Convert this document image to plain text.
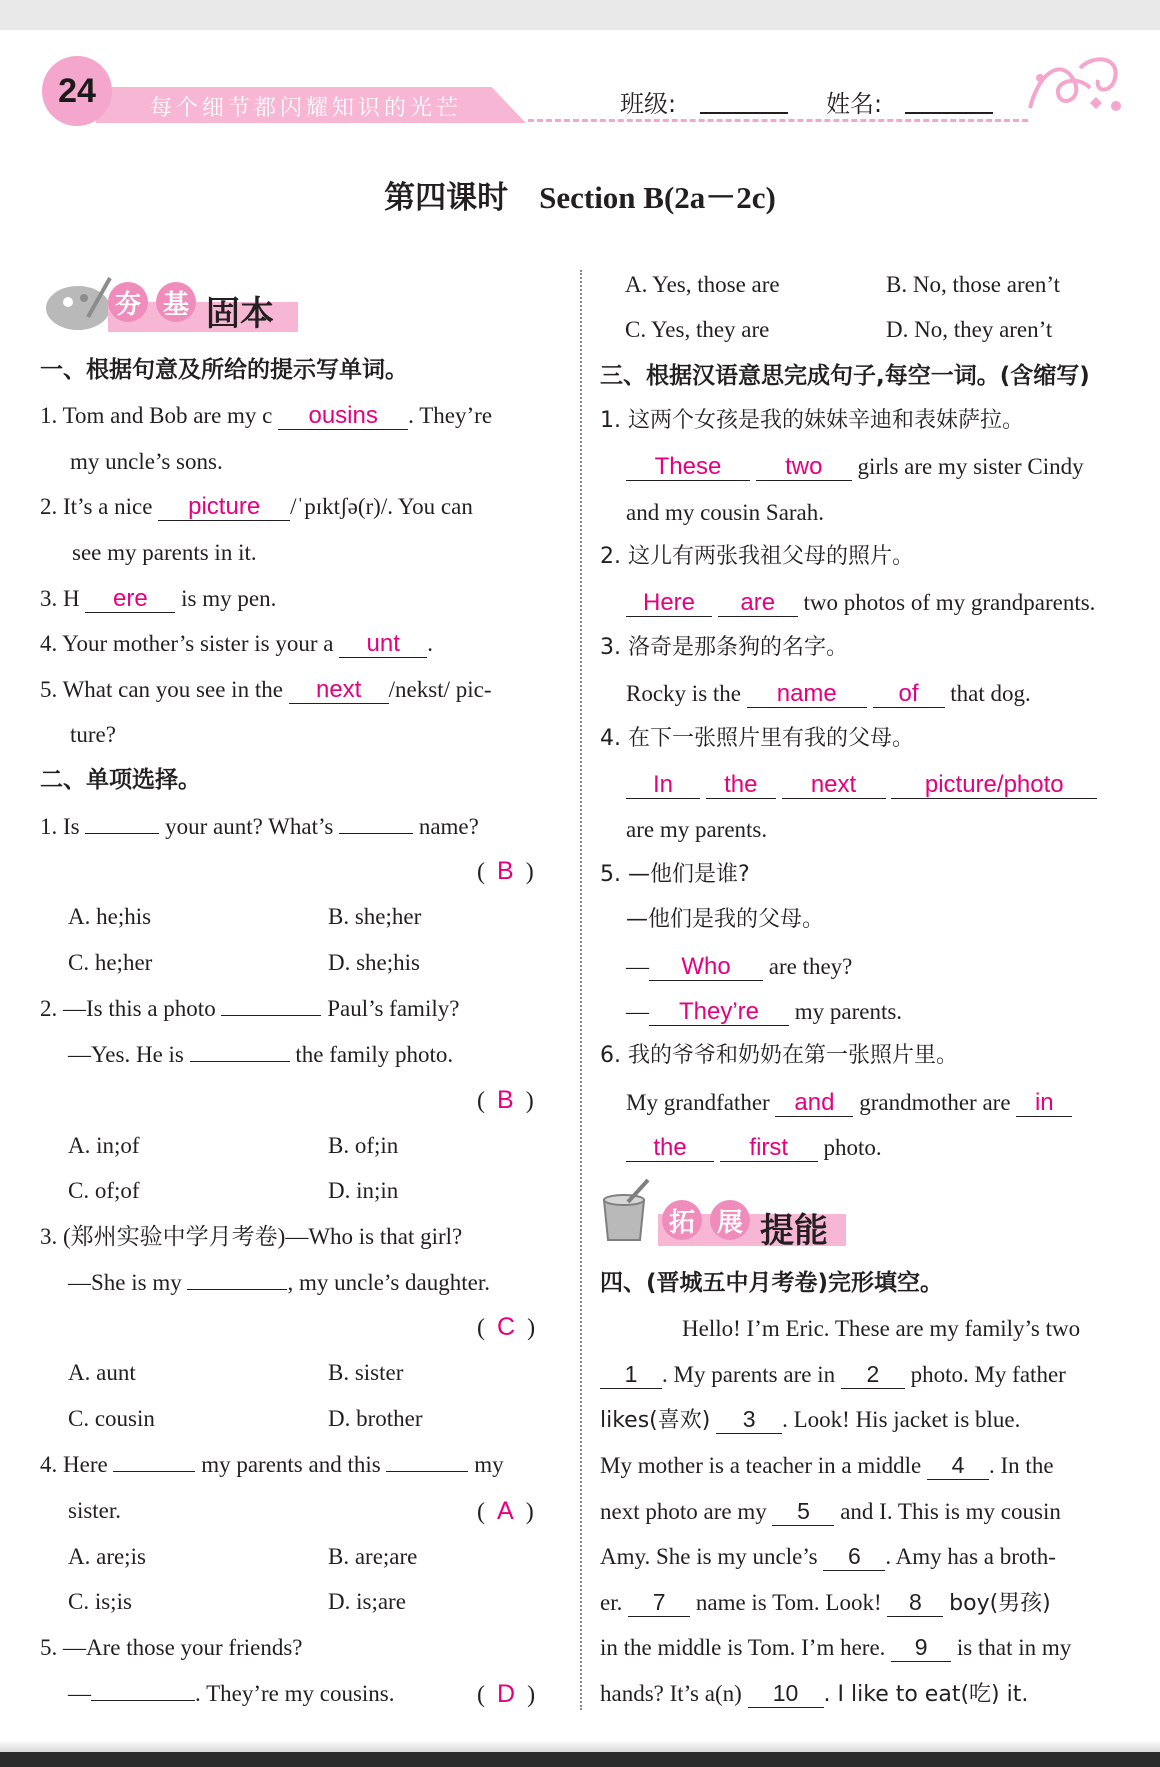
24	每个细节都闪耀知识的光芒	班级:	姓名:
第四课时　Section B(2a－2c)
夯 基 固本
一、根据句意及所给的提示写单词。
1. Tom and Bob are my c ousins . They’re
my uncle’s sons.
2. It’s a nice picture /ˈpɪktʃə(r)/. You can
see my parents in it.
3. H ere is my pen.
4. Your mother’s sister is your a unt .
5. What can you see in the next /nekst/ pic-
ture?
二、单项选择。
1. Is	your aunt? What’s	name?
(  B  )
A. he;his	B. she;her
C. he;her	D. she;his
2. —Is this a photo	Paul’s family?
—Yes. He is	the family photo.
(  B  )
A. in;of	B. of;in
C. of;of	D. in;in
3. (郑州实验中学月考卷)—Who is that girl?
—She is my	, my uncle’s daughter.
(  C  )
A. aunt	B. sister
C. cousin	D. brother
4. Here	my parents and this	my
sister.	(  A  )
A. are;is	B. are;are
C. is;is	D. is;are
5. —Are those your friends?
—	. They’re my cousins.	(  D  )
A. Yes, those are	B. No, those aren’t
C. Yes, they are	D. No, they aren’t
三、根据汉语意思完成句子,每空一词。(含缩写)
1. 这两个女孩是我的妹妹辛迪和表妹萨拉。
These	two girls are my sister Cindy
and my cousin Sarah.
2. 这儿有两张我祖父母的照片。
Here are two photos of my grandparents.
3. 洛奇是那条狗的名字。
Rocky is the name	of that dog.
4. 在下一张照片里有我的父母。
In the next	picture/photo
are my parents.
5. —他们是谁?
—他们是我的父母。
— Who are they?
— They’re my parents.
6. 我的爷爷和奶奶在第一张照片里。
My grandfather and grandmother are in
the	first photo.
拓 展 提能
四、(晋城五中月考卷)完形填空。
Hello! I’m Eric. These are my family’s two
1 . My parents are in 2 photo. My father
likes(喜欢) 3 . Look! His jacket is blue.
My mother is a teacher in a middle 4 . In the
next photo are my 5 and I. This is my cousin
Amy. She is my uncle’s 6 . Amy has a broth-
er. 7 name is Tom. Look! 8 boy(男孩)
in the middle is Tom. I’m here. 9 is that in my
hands? It’s a(n) 10 . I like to eat(吃) it.
